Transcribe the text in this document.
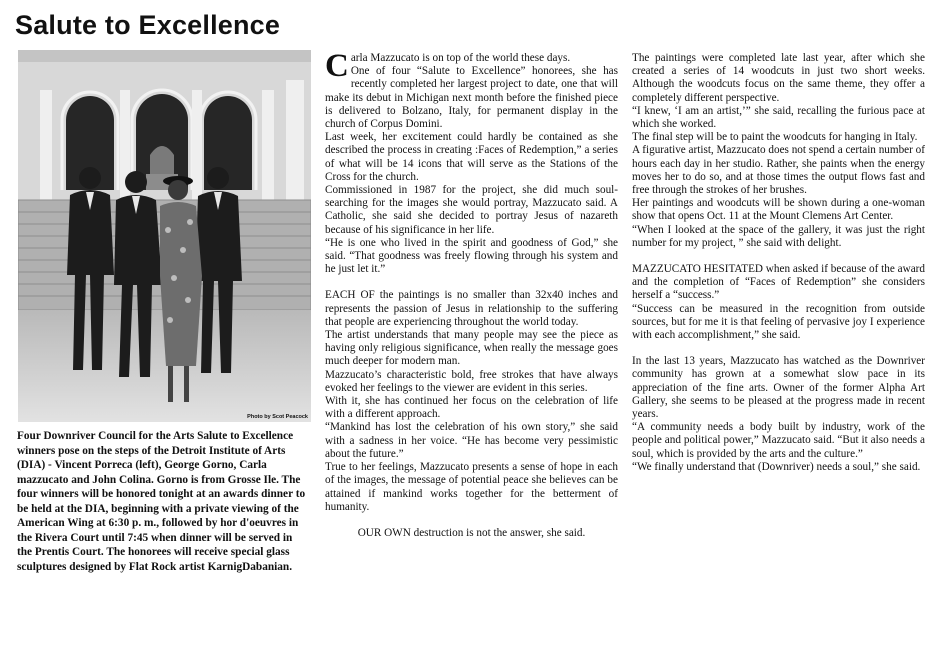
Salute to Excellence
Photo by Scot Peacock
Four Downriver Council for the Arts Salute to Excellence winners pose on the steps of the Detroit Institute of Arts (DIA) - Vincent Porreca (left), George Gorno, Carla mazzucato and John Colina. Gorno is from Grosse Ile. The four winners will be honored tonight at an awards dinner to be held at the DIA, beginning with a private viewing of the American Wing at 6:30 p. m., followed by hor d'oeuvres in the Rivera Court until 7:45 when dinner will be served in the Prentis Court. The honorees will receive special glass sculptures designed by Flat Rock artist KarnigDabanian.

Carla Mazzucato is on top of the world these days.

One of four “Salute to Excellence” honorees, she has recently completed her largest project to date, one that will make its debut in Michigan next month before the finished piece is delivered to Bolzano, Italy, for permanent display in the church of Corpus Domini.

Last week, her excitement could hardly be contained as she described the process in creating :Faces of Redemption,” a series of what will be 14 icons that will serve as the Stations of the Cross for the church.

Commissioned in 1987 for the project, she did much soul-searching for the images she would portray, Mazzucato said. A Catholic, she said she decided to portray Jesus of nazareth because of his significance in her life.

“He is one who lived in the spirit and goodness of God,” she said. “That goodness was freely flowing through his system and he just let it.”

EACH OF the paintings is no smaller than 32x40 inches and represents the passion of Jesus in relationship to the suffering that people are experiencing throughout the world today.

The artist understands that many people may see the piece as having only religious significance, when really the message goes much deeper for modern man.

Mazzucato’s characteristic bold, free strokes that have always evoked her feelings to the viewer are evident in this series.

With it, she has continued her focus on the celebration of life with a different approach.

“Mankind has lost the celebration of his own story,” she said with a sadness in her voice. “He has become very pessimistic about the future.”

True to her feelings, Mazzucato presents a sense of hope in each of the images, the message of potential peace she believes can be attained if mankind works together for the betterment of humanity.

OUR OWN destruction is not the answer, she said.

The paintings were completed late last year, after which she created a series of 14 woodcuts in just two short weeks. Although the woodcuts focus on the same theme, they offer a completely different perspective.

“I knew, ‘I am an artist,’” she said, recalling the furious pace at which she worked.

The final step will be to paint the woodcuts for hanging in Italy.

A figurative artist, Mazzucato does not spend a certain number of hours each day in her studio. Rather, she paints when the energy moves her to do so, and at those times the output flows fast and free through the strokes of her brushes.

Her paintings and woodcuts will be shown during a one-woman show that opens Oct. 11 at the Mount Clemens Art Center.

“When I looked at the space of the gallery, it was just the right number for my project, ” she said with delight.

MAZZUCATO HESITATED when asked if because of the award and the completion of “Faces of Redemption” she considers herself a “success.”

“Success can be measured in the recognition from outside sources, but for me it is that feeling of pervasive joy I experience with each accomplishment,” she said.

In the last 13 years, Mazzucato has watched as the Downriver community has grown at a somewhat slow pace in its appreciation of the fine arts. Owner of the former Alpha Art Gallery, she seems to be pleased at the progress made in recent years.

“A community needs a body built by industry, work of the people and political power,” Mazzucato said. “But it also needs a soul, which is provided by the arts and the culture.”

“We finally understand that (Downriver) needs a soul,” she said.
